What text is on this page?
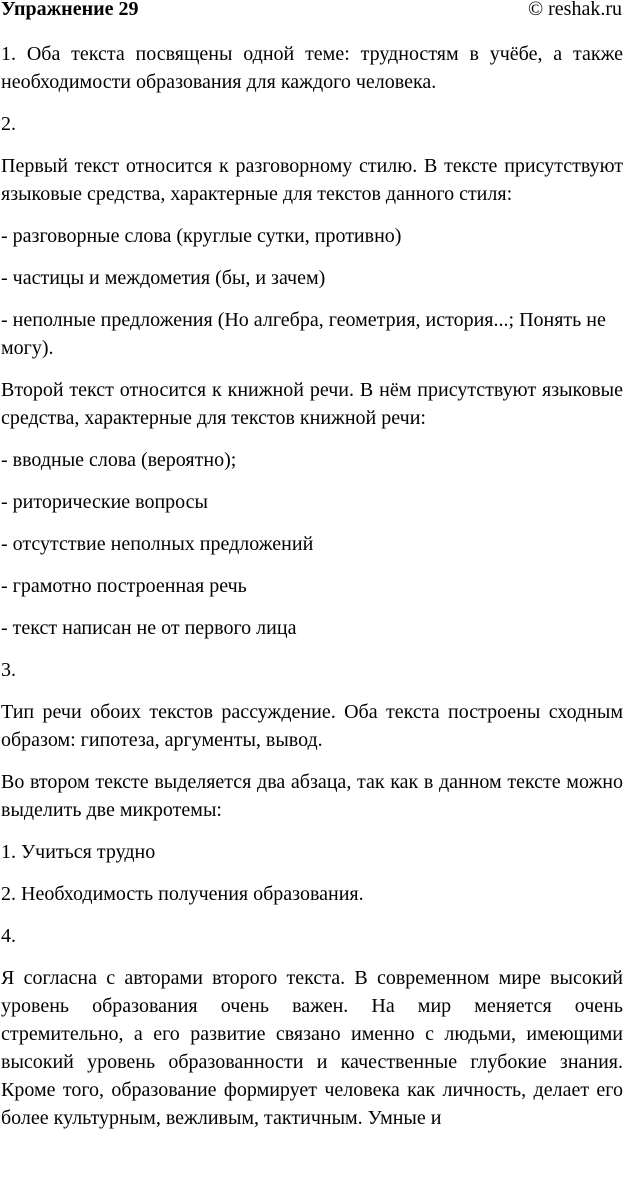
Упражнение 29	© reshak.ru

1. Оба текста посвящены одной теме: трудностям в учёбе, а также необходимости образования для каждого человека.

2.

Первый текст относится к разговорному стилю. В тексте присутствуют языковые средства, характерные для текстов данного стиля:

- разговорные слова (круглые сутки, противно)

- частицы и междометия (бы, и зачем)

- неполные предложения (Но алгебра, геометрия, история...; Понять не могу).

Второй текст относится к книжной речи. В нём присутствуют языковые средства, характерные для текстов книжной речи:

- вводные слова (вероятно);

- риторические вопросы

- отсутствие неполных предложений

- грамотно построенная речь

- текст написан не от первого лица

3.

Тип речи обоих текстов рассуждение. Оба текста построены сходным образом: гипотеза, аргументы, вывод.

Во втором тексте выделяется два абзаца, так как в данном тексте можно выделить две микротемы:

1. Учиться трудно

2. Необходимость получения образования.

4.

Я согласна с авторами второго текста. В современном мире высокий уровень образования очень важен. На мир меняется очень стремительно, а его развитие связано именно с людьми, имеющими высокий уровень образованности и качественные глубокие знания. Кроме того, образование формирует человека как личность, делает его более культурным, вежливым, тактичным. Умные и
